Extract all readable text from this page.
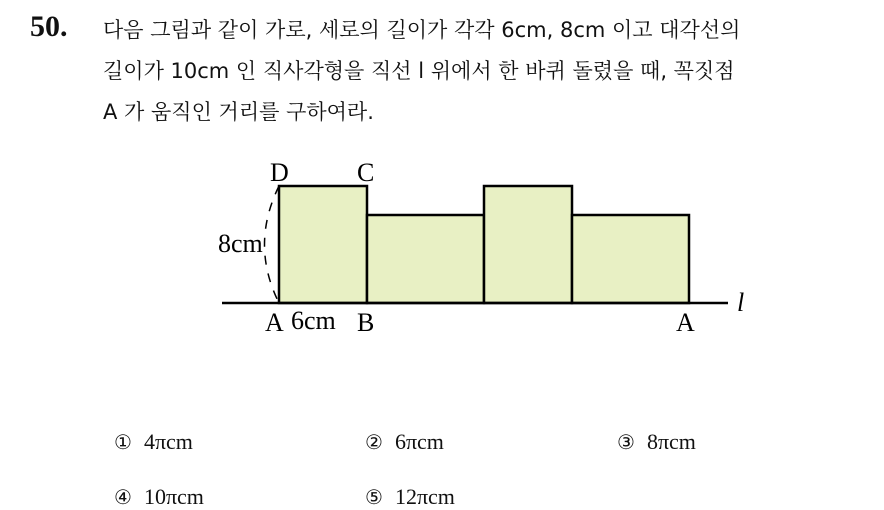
50. 다음 그림과 같이 가로, 세로의 길이가 각각 6cm, 8cm 이고 대각선의
길이가 10cm 인 직사각형을 직선 l 위에서 한 바퀴 돌렸을 때, 꼭짓점
A 가 움직인 거리를 구하여라.
D	C
8cm
A 6cm B	A
l
① 4πcm	② 6πcm	③ 8πcm
④ 10πcm	⑤ 12πcm
